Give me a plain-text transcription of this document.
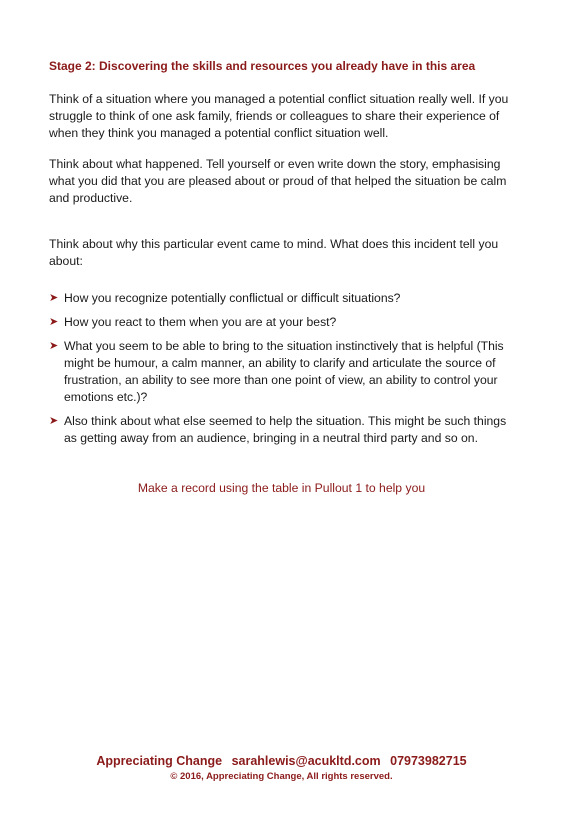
Stage 2: Discovering the skills and resources you already have in this area

Think of a situation where you managed a potential conflict situation really well. If you struggle to think of one ask family, friends or colleagues to share their experience of when they think you managed a potential conflict situation well.

Think about what happened. Tell yourself or even write down the story, emphasising what you did that you are pleased about or proud of that helped the situation be calm
and productive.

Think about why this particular event came to mind. What does this incident tell you about:

➤ How you recognize potentially conflictual or difficult situations?
➤ How you react to them when you are at your best?
➤ What you seem to be able to bring to the situation instinctively that is helpful (This might be humour, a calm manner, an ability to clarify and articulate the source of frustration, an ability to see more than one point of view, an ability to control your emotions etc.)?
➤ Also think about what else seemed to help the situation. This might be such things as getting away from an audience, bringing in a neutral third party and so on.
Make a record using the table in Pullout 1 to help you
Appreciating Change sarahlewis@acukltd.com 07973982715
© 2016, Appreciating Change, All rights reserved.
